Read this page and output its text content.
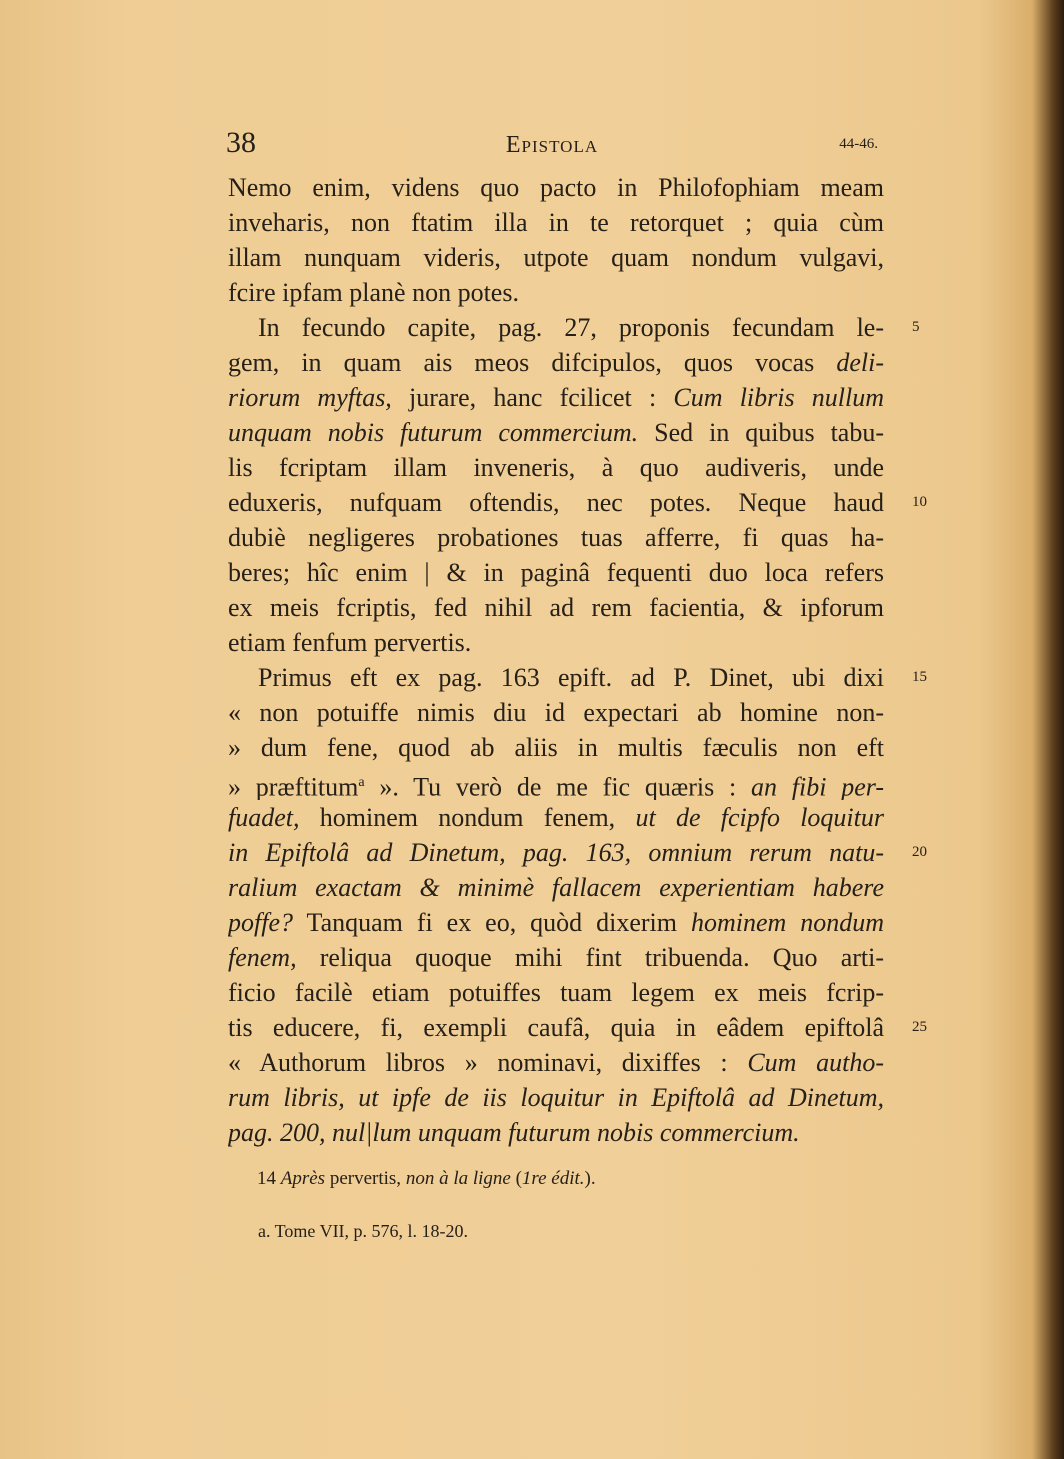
38	Epistola	44-46.
Nemo enim, videns quo pacto in Philofophiam meam
inveharis, non ftatim illa in te retorquet ; quia cùm
illam nunquam videris, utpote quam nondum vulgavi,
fcire ipfam planè non potes.
In fecundo capite, pag. 27, proponis fecundam le-
gem, in quam ais meos difcipulos, quos vocas deli-
riorum myftas, jurare, hanc fcilicet : Cum libris nullum
unquam nobis futurum commercium. Sed in quibus tabu-
lis fcriptam illam inveneris, à quo audiveris, unde
eduxeris, nufquam oftendis, nec potes. Neque haud
dubiè negligeres probationes tuas afferre, fi quas ha-
beres; hîc enim | & in paginâ fequenti duo loca refers
ex meis fcriptis, fed nihil ad rem facientia, & ipforum
etiam fenfum pervertis.
Primus eft ex pag. 163 epift. ad P. Dinet, ubi dixi
« non potuiffe nimis diu id expectari ab homine non-
» dum fene, quod ab aliis in multis fæculis non eft
» præftitum$^a$ ». Tu verò de me fic quæris : an fibi per-
fuadet, hominem nondum fenem, ut de fcipfo loquitur
in Epiftolâ ad Dinetum, pag. 163, omnium rerum natu-
ralium exactam & minimè fallacem experientiam habere
poffe? Tanquam fi ex eo, quòd dixerim hominem nondum
fenem, reliqua quoque mihi fint tribuenda. Quo arti-
ficio facilè etiam potuiffes tuam legem ex meis fcrip-
tis educere, fi, exempli caufâ, quia in eâdem epiftolâ
« Authorum libros » nominavi, dixiffes : Cum autho-
rum libris, ut ipfe de iis loquitur in Epiftolâ ad Dinetum,
pag. 200, nul|lum unquam futurum nobis commercium.
5
10
15
20
25
14 Après pervertis, non à la ligne (1re édit.).
a. Tome VII, p. 576, l. 18-20.
